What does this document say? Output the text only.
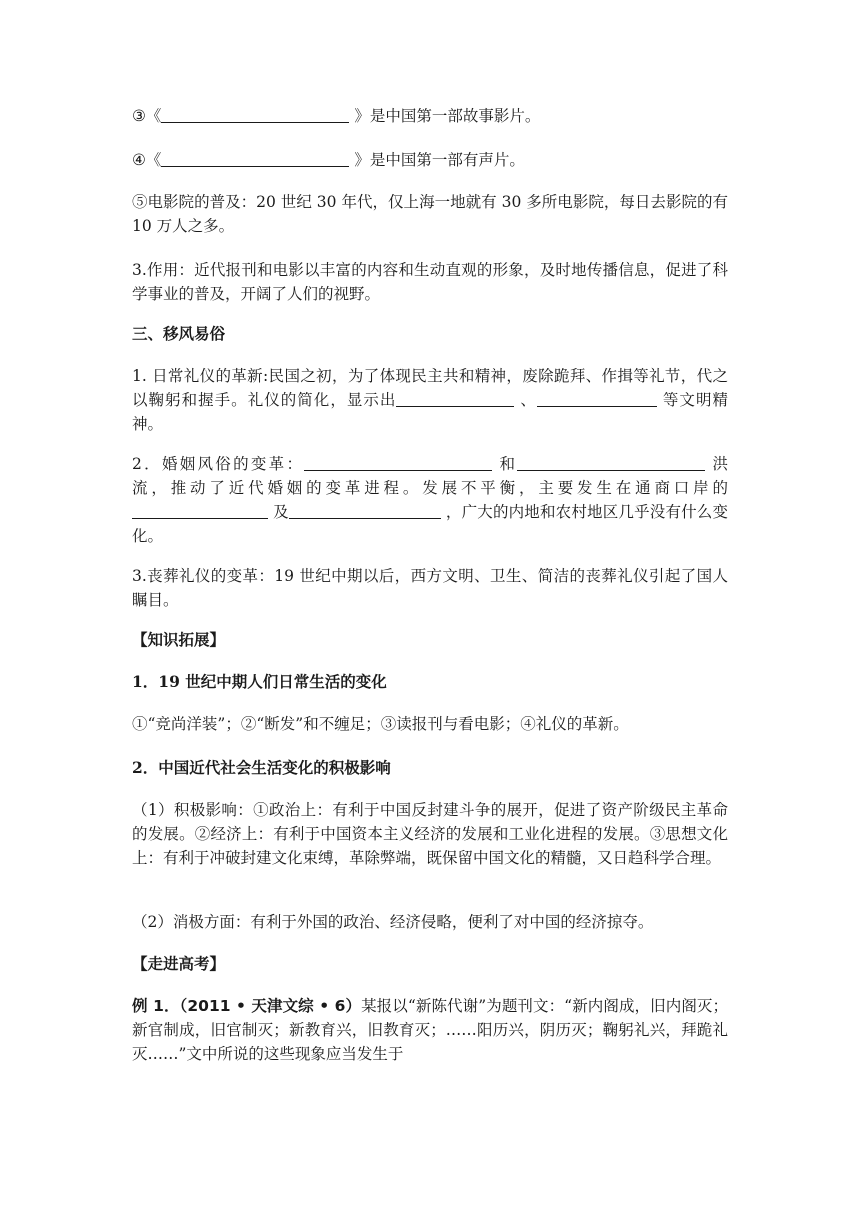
③《	》是中国第一部故事影片。

④《	》是中国第一部有声片。

⑤电影院的普及：20 世纪 30 年代，仅上海一地就有 30 多所电影院，每日去影院的有 10 万人之多。

3.作用：近代报刊和电影以丰富的内容和生动直观的形象，及时地传播信息，促进了科学事业的普及，开阔了人们的视野。

三、移风易俗

1. 日常礼仪的革新:民国之初，为了体现民主共和精神，废除跪拜、作揖等礼节，代之以鞠躬和握手。礼仪的简化，显示出	、	等文明精神。

2．婚姻风俗的变革：	和	洪流，推动了近代婚姻的变革进程。发展不平衡，主要发生在通商口岸的 及	，广大的内地和农村地区几乎没有什么变化。

3.丧葬礼仪的变革：19 世纪中期以后，西方文明、卫生、简洁的丧葬礼仪引起了国人瞩目。

【知识拓展】

1．19 世纪中期人们日常生活的变化

①“竞尚洋装”；②“断发”和不缠足；③读报刊与看电影；④礼仪的革新。

2．中国近代社会生活变化的积极影响

（1）积极影响：①政治上：有利于中国反封建斗争的展开，促进了资产阶级民主革命的发展。②经济上：有利于中国资本主义经济的发展和工业化进程的发展。③思想文化上：有利于冲破封建文化束缚，革除弊端，既保留中国文化的精髓，又日趋科学合理。

（2）消极方面：有利于外国的政治、经济侵略，便利了对中国的经济掠夺。

【走进高考】

例 1．（2011 • 天津文综 • 6）某报以“新陈代谢”为题刊文：“新内阁成，旧内阁灭；新官制成，旧官制灭；新教育兴，旧教育灭；……阳历兴，阴历灭；鞠躬礼兴，拜跪礼灭……”文中所说的这些现象应当发生于
